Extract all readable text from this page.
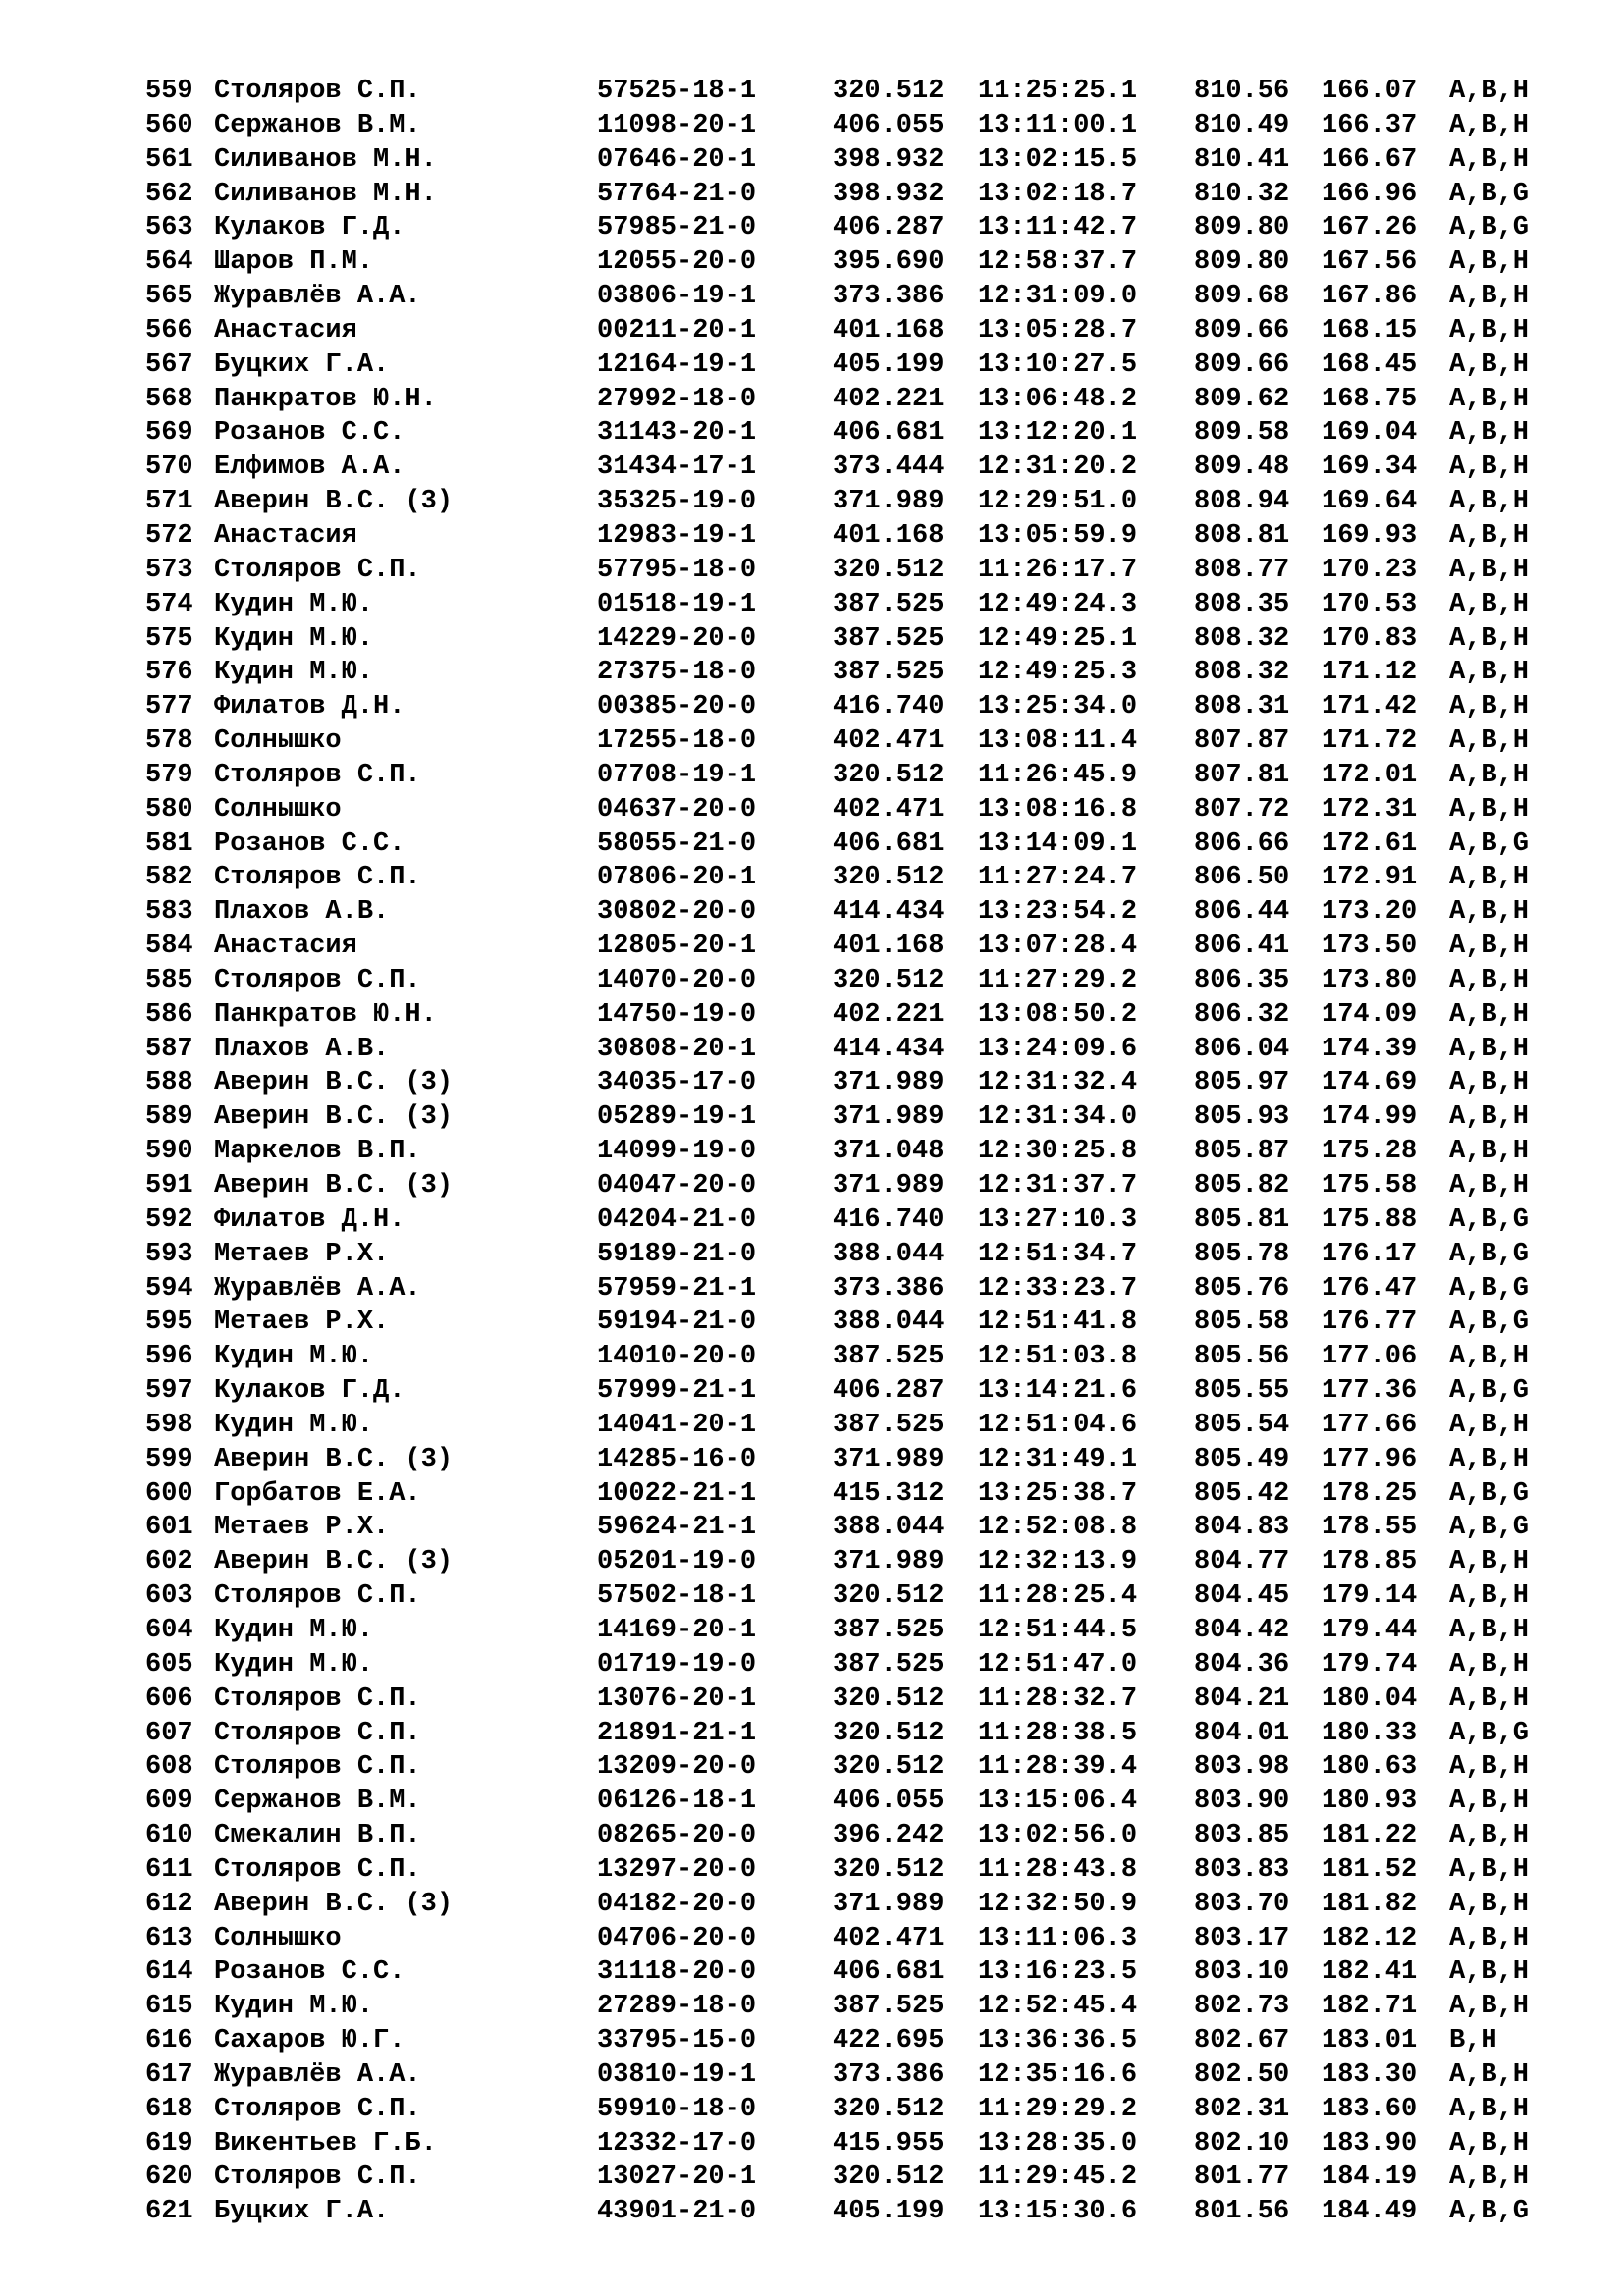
559 Столяров С.П.	57525-18-1	320.512 11:25:25.1 810.56 166.07 A,B,H
560 Сержанов В.М.	11098-20-1	406.055 13:11:00.1 810.49 166.37 A,B,H
561 Силиванов М.Н.	07646-20-1	398.932 13:02:15.5 810.41 166.67 A,B,H
562 Силиванов М.Н.	57764-21-0	398.932 13:02:18.7 810.32 166.96 A,B,G
563 Кулаков Г.Д.	57985-21-0	406.287 13:11:42.7 809.80 167.26 A,B,G
564 Шаров П.М.	12055-20-0	395.690 12:58:37.7 809.80 167.56 A,B,H
565 Журавлёв А.А.	03806-19-1	373.386 12:31:09.0 809.68 167.86 A,B,H
566 Анастасия	00211-20-1	401.168 13:05:28.7 809.66 168.15 A,B,H
567 Буцких Г.А.	12164-19-1	405.199 13:10:27.5 809.66 168.45 A,B,H
568 Панкратов Ю.Н.	27992-18-0	402.221 13:06:48.2 809.62 168.75 A,B,H
569 Розанов С.С.	31143-20-1	406.681 13:12:20.1 809.58 169.04 A,B,H
570 Елфимов А.А.	31434-17-1	373.444 12:31:20.2 809.48 169.34 A,B,H
571 Аверин В.С. (3)	35325-19-0	371.989 12:29:51.0 808.94 169.64 A,B,H
572 Анастасия	12983-19-1	401.168 13:05:59.9 808.81 169.93 A,B,H
573 Столяров С.П.	57795-18-0	320.512 11:26:17.7 808.77 170.23 A,B,H
574 Кудин М.Ю.	01518-19-1	387.525 12:49:24.3 808.35 170.53 A,B,H
575 Кудин М.Ю.	14229-20-0	387.525 12:49:25.1 808.32 170.83 A,B,H
576 Кудин М.Ю.	27375-18-0	387.525 12:49:25.3 808.32 171.12 A,B,H
577 Филатов Д.Н.	00385-20-0	416.740 13:25:34.0 808.31 171.42 A,B,H
578 Солнышко	17255-18-0	402.471 13:08:11.4 807.87 171.72 A,B,H
579 Столяров С.П.	07708-19-1	320.512 11:26:45.9 807.81 172.01 A,B,H
580 Солнышко	04637-20-0	402.471 13:08:16.8 807.72 172.31 A,B,H
581 Розанов С.С.	58055-21-0	406.681 13:14:09.1 806.66 172.61 A,B,G
582 Столяров С.П.	07806-20-1	320.512 11:27:24.7 806.50 172.91 A,B,H
583 Плахов А.В.	30802-20-0	414.434 13:23:54.2 806.44 173.20 A,B,H
584 Анастасия	12805-20-1	401.168 13:07:28.4 806.41 173.50 A,B,H
585 Столяров С.П.	14070-20-0	320.512 11:27:29.2 806.35 173.80 A,B,H
586 Панкратов Ю.Н.	14750-19-0	402.221 13:08:50.2 806.32 174.09 A,B,H
587 Плахов А.В.	30808-20-1	414.434 13:24:09.6 806.04 174.39 A,B,H
588 Аверин В.С. (3)	34035-17-0	371.989 12:31:32.4 805.97 174.69 A,B,H
589 Аверин В.С. (3)	05289-19-1	371.989 12:31:34.0 805.93 174.99 A,B,H
590 Маркелов В.П.	14099-19-0	371.048 12:30:25.8 805.87 175.28 A,B,H
591 Аверин В.С. (3)	04047-20-0	371.989 12:31:37.7 805.82 175.58 A,B,H
592 Филатов Д.Н.	04204-21-0	416.740 13:27:10.3 805.81 175.88 A,B,G
593 Метаев Р.Х.	59189-21-0	388.044 12:51:34.7 805.78 176.17 A,B,G
594 Журавлёв А.А.	57959-21-1	373.386 12:33:23.7 805.76 176.47 A,B,G
595 Метаев Р.Х.	59194-21-0	388.044 12:51:41.8 805.58 176.77 A,B,G
596 Кудин М.Ю.	14010-20-0	387.525 12:51:03.8 805.56 177.06 A,B,H
597 Кулаков Г.Д.	57999-21-1	406.287 13:14:21.6 805.55 177.36 A,B,G
598 Кудин М.Ю.	14041-20-1	387.525 12:51:04.6 805.54 177.66 A,B,H
599 Аверин В.С. (3)	14285-16-0	371.989 12:31:49.1 805.49 177.96 A,B,H
600 Горбатов Е.А.	10022-21-1	415.312 13:25:38.7 805.42 178.25 A,B,G
601 Метаев Р.Х.	59624-21-1	388.044 12:52:08.8 804.83 178.55 A,B,G
602 Аверин В.С. (3)	05201-19-0	371.989 12:32:13.9 804.77 178.85 A,B,H
603 Столяров С.П.	57502-18-1	320.512 11:28:25.4 804.45 179.14 A,B,H
604 Кудин М.Ю.	14169-20-1	387.525 12:51:44.5 804.42 179.44 A,B,H
605 Кудин М.Ю.	01719-19-0	387.525 12:51:47.0 804.36 179.74 A,B,H
606 Столяров С.П.	13076-20-1	320.512 11:28:32.7 804.21 180.04 A,B,H
607 Столяров С.П.	21891-21-1	320.512 11:28:38.5 804.01 180.33 A,B,G
608 Столяров С.П.	13209-20-0	320.512 11:28:39.4 803.98 180.63 A,B,H
609 Сержанов В.М.	06126-18-1	406.055 13:15:06.4 803.90 180.93 A,B,H
610 Смекалин В.П.	08265-20-0	396.242 13:02:56.0 803.85 181.22 A,B,H
611 Столяров С.П.	13297-20-0	320.512 11:28:43.8 803.83 181.52 A,B,H
612 Аверин В.С. (3)	04182-20-0	371.989 12:32:50.9 803.70 181.82 A,B,H
613 Солнышко	04706-20-0	402.471 13:11:06.3 803.17 182.12 A,B,H
614 Розанов С.С.	31118-20-0	406.681 13:16:23.5 803.10 182.41 A,B,H
615 Кудин М.Ю.	27289-18-0	387.525 12:52:45.4 802.73 182.71 A,B,H
616 Сахаров Ю.Г.	33795-15-0	422.695 13:36:36.5 802.67 183.01 B,H
617 Журавлёв А.А.	03810-19-1	373.386 12:35:16.6 802.50 183.30 A,B,H
618 Столяров С.П.	59910-18-0	320.512 11:29:29.2 802.31 183.60 A,B,H
619 Викентьев Г.Б.	12332-17-0	415.955 13:28:35.0 802.10 183.90 A,B,H
620 Столяров С.П.	13027-20-1	320.512 11:29:45.2 801.77 184.19 A,B,H
621 Буцких Г.А.	43901-21-0	405.199 13:15:30.6 801.56 184.49 A,B,G
